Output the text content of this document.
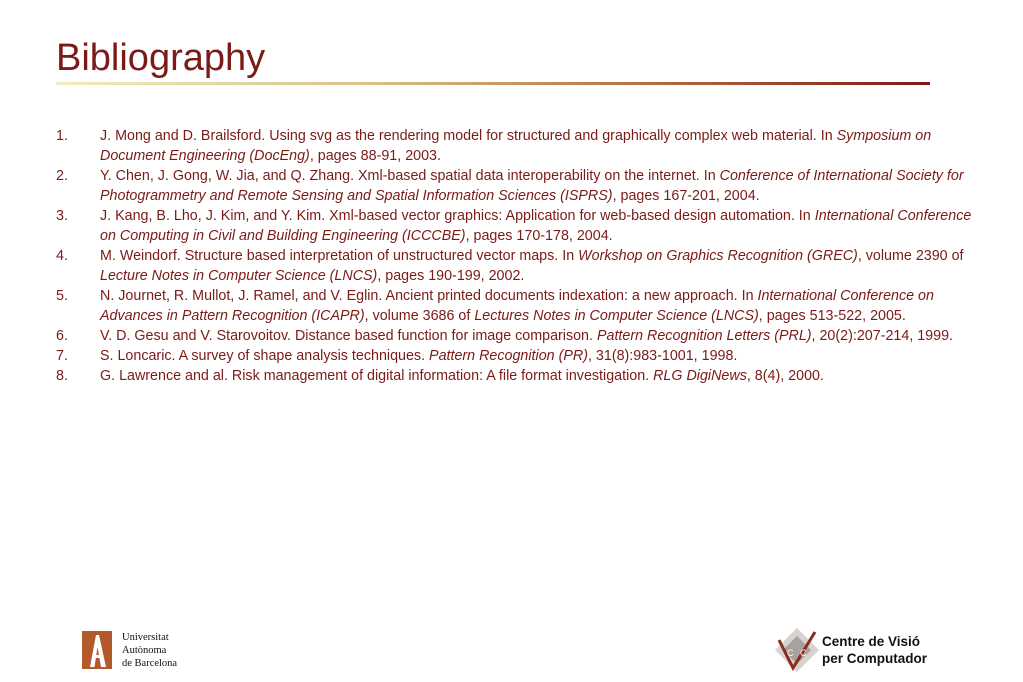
Bibliography
1. J. Mong and D. Brailsford. Using svg as the rendering model for structured and graphically complex web material. In Symposium on Document Engineering (DocEng), pages 88-91, 2003.
2. Y. Chen, J. Gong, W. Jia, and Q. Zhang. Xml-based spatial data interoperability on the internet. In Conference of International Society for Photogrammetry and Remote Sensing and Spatial Information Sciences (ISPRS), pages 167-201, 2004.
3. J. Kang, B. Lho, J. Kim, and Y. Kim. Xml-based vector graphics: Application for web-based design automation. In International Conference on Computing in Civil and Building Engineering (ICCCBE), pages 170-178, 2004.
4. M. Weindorf. Structure based interpretation of unstructured vector maps. In Workshop on Graphics Recognition (GREC), volume 2390 of Lecture Notes in Computer Science (LNCS), pages 190-199, 2002.
5. N. Journet, R. Mullot, J. Ramel, and V. Eglin. Ancient printed documents indexation: a new approach. In International Conference on Advances in Pattern Recognition (ICAPR), volume 3686 of Lectures Notes in Computer Science (LNCS), pages 513-522, 2005.
6. V. D. Gesu and V. Starovoitov. Distance based function for image comparison. Pattern Recognition Letters (PRL), 20(2):207-214, 1999.
7. S. Loncaric. A survey of shape analysis techniques. Pattern Recognition (PR), 31(8):983-1001, 1998.
8. G. Lawrence and al. Risk management of digital information: A file format investigation. RLG DigiNews, 8(4), 2000.
Universitat
Autònoma
de Barcelona
C C
Centre de Visió
per Computador
